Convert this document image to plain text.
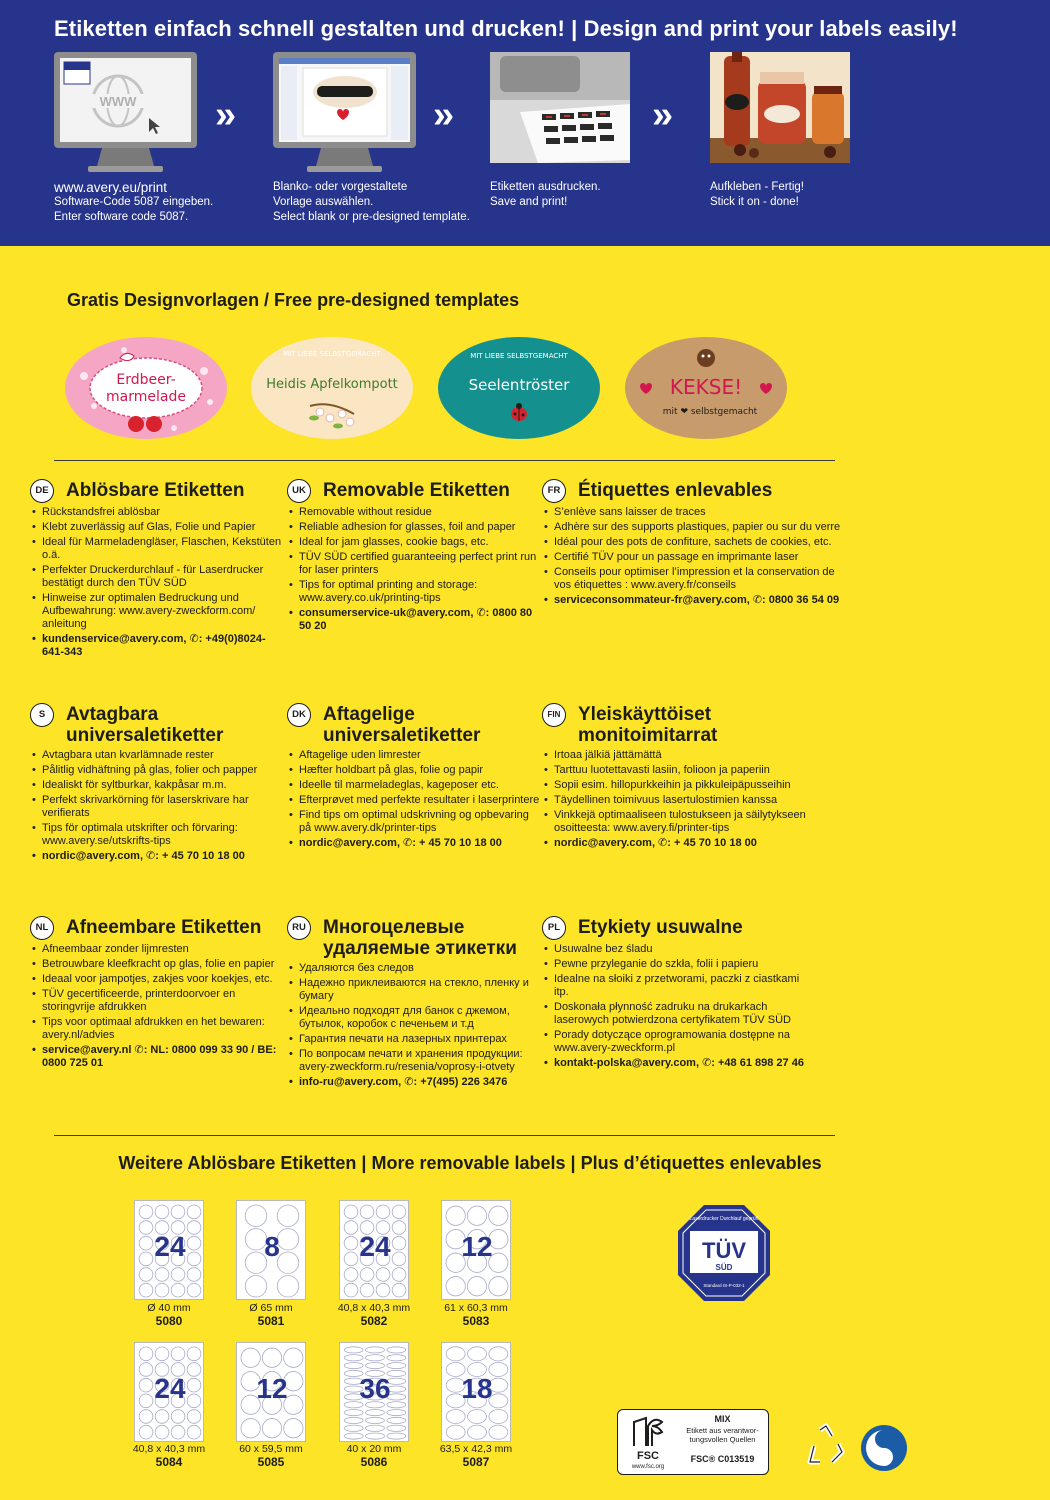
Etiketten einfach schnell gestalten und drucken! | Design and print your labels easily!
WWW
www.avery.eu/print
Software-Code 5087 eingeben.
Enter software code 5087.
»
Blanko- oder vorgestaltete
Vorlage auswählen.
Select blank or pre-designed template.
»
Etiketten ausdrucken.
Save and print!
»
Aufkleben - Fertig!
Stick it on - done!
Gratis Designvorlagen / Free pre-designed templates
Erdbeer-
marmelade
MIT LIEBE SELBSTGEMACHT
Heidis Apfelkompott
MIT LIEBE SELBSTGEMACHT
Seelentröster	KEKSE!
mit ❤ selbstgemacht
DE Ablösbare Etiketten
• Rückstandsfrei ablösbar
• Klebt zuverlässig auf Glas, Folie und Papier
• Ideal für Marmeladengläser, Flaschen, Kekstüten o.ä.
• Perfekter Druckerdurchlauf - für Laserdrucker bestätigt durch den TÜV SÜD
• Hinweise zur optimalen Bedruckung und Aufbewahrung: www.avery-zweckform.com/ anleitung
• kundenservice@avery.com, ✆: +49(0)8024-641-343
UK Removable Etiketten
• Removable without residue
• Reliable adhesion for glasses, foil and paper
• Ideal for jam glasses, cookie bags, etc.
• TÜV SÜD certified guaranteeing perfect print run for laser printers
• Tips for optimal printing and storage: www.avery.co.uk/printing-tips
• consumerservice-uk@avery.com, ✆: 0800 80 50 20
FR Étiquettes enlevables
• S’enlève sans laisser de traces
• Adhère sur des supports plastiques, papier ou sur du verre
• Idéal pour des pots de confiture, sachets de cookies, etc.
• Certifié TÜV pour un passage en imprimante laser
• Conseils pour optimiser l’impression et la conservation de vos étiquettes : www.avery.fr/conseils
• serviceconsommateur-fr@avery.com, ✆: 0800 36 54 09
S	Avtagbara universaletiketter
• Avtagbara utan kvarlämnade rester
• Pålitlig vidhäftning på glas, folier och papper
• Idealiskt för syltburkar, kakpåsar m.m.
• Perfekt skrivarkörning för laserskrivare har verifierats
• Tips för optimala utskrifter och förvaring: www.avery.se/utskrifts-tips
• nordic@avery.com, ✆: + 45 70 10 18 00
DK Aftagelige universaletiketter
• Aftagelige uden limrester
• Hæfter holdbart på glas, folie og papir
• Ideelle til marmeladeglas, kageposer etc.
• Efterprøvet med perfekte resultater i laserprintere
• Find tips om optimal udskrivning og opbevaring på www.avery.dk/printer-tips
• nordic@avery.com, ✆: + 45 70 10 18 00
FIN Yleiskäyttöiset monitoimitarrat
• Irtoaa jälkiä jättämättä
• Tarttuu luotettavasti lasiin, folioon ja paperiin
• Sopii esim. hillopurkkeihin ja pikkuleipäpusseihin
• Täydellinen toimivuus lasertulostimien kanssa
• Vinkkejä optimaaliseen tulostukseen ja säilytykseen osoitteesta: www.avery.fi/printer-tips
• nordic@avery.com, ✆: + 45 70 10 18 00
NL Afneembare Etiketten
• Afneembaar zonder lijmresten
• Betrouwbare kleefkracht op glas, folie en papier
• Ideaal voor jampotjes, zakjes voor koekjes, etc.
• TÜV gecertificeerde, printerdoorvoer en storingvrije afdrukken
• Tips voor optimaal afdrukken en het bewaren: avery.nl/advies
• service@avery.nl ✆: NL: 0800 099 33 90 / BE: 0800 725 01
RU Многоцелевые удаляемые этикетки
• Удаляются без следов
• Надежно приклеиваются на стекло, пленку и бумагу
• Идеально подходят для банок с джемом, бутылок, коробок с печеньем и т.д
• Гарантия печати на лазерных принтерах
• По вопросам печати и хранения продукции: avery-zweckform.ru/resenia/voprosy-i-otvety
• info-ru@avery.com, ✆: +7(495) 226 3476
PL Etykiety usuwalne
• Usuwalne bez śladu
• Pewne przyleganie do szkła, folii i papieru
• Idealne na słoiki z przetworami, paczki z ciastkami itp.
• Doskonała płynność zadruku na drukarkach laserowych potwierdzona certyfikatem TÜV SÜD
• Porady dotyczące oprogramowania dostępne na www.avery-zweckform.pl
• kontakt-polska@avery.com, ✆: +48 61 898 27 46
Weitere Ablösbare Etiketten | More removable labels | Plus d’étiquettes enlevables
24
Ø 40 mm
5080
8
Ø 65 mm
5081
24
40,8 x 40,3 mm
5082
12
61 x 60,3 mm
5083
24
40,8 x 40,3 mm
5084
12
60 x 59,5 mm
5085
36
40 x 20 mm
5086
18
63,5 x 42,3 mm
5087
Laserdrucker Durchlauf geprüft
TÜV
SÜD
Standard IS-P-032-1
FSC
www.fsc.org
MIX
Etikett aus verantwor-tungsvollen Quellen
FSC® C013519
